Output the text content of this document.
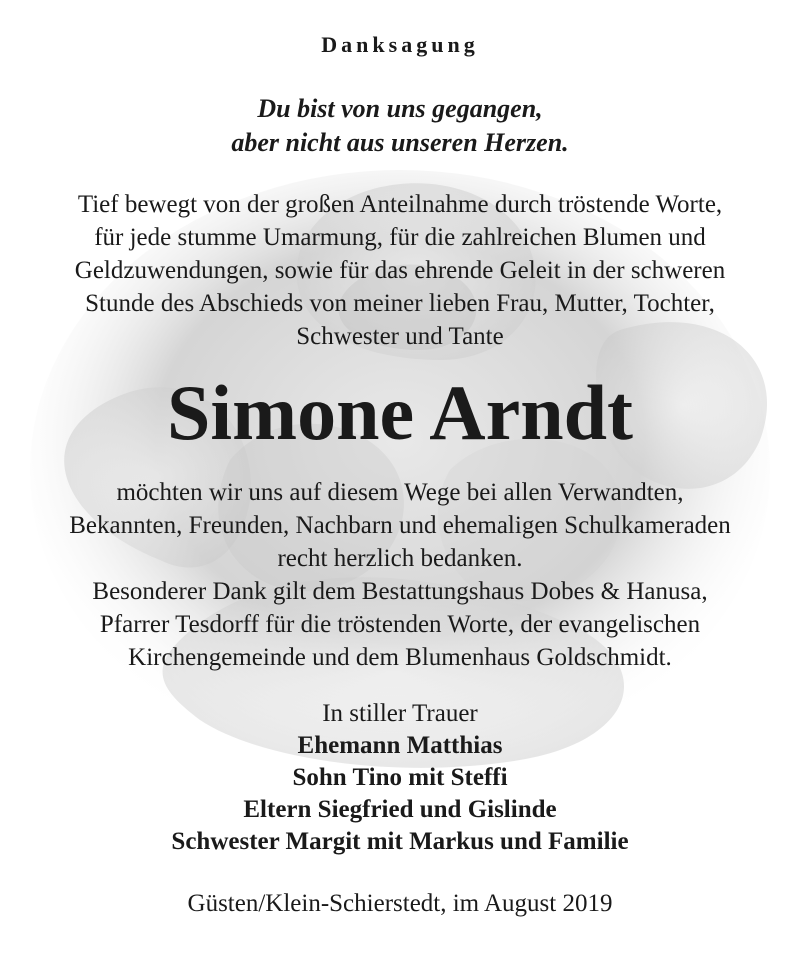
Danksagung
Du bist von uns gegangen,
aber nicht aus unseren Herzen.
Tief bewegt von der großen Anteilnahme durch tröstende Worte,
für jede stumme Umarmung, für die zahlreichen Blumen und
Geldzuwendungen, sowie für das ehrende Geleit in der schweren
Stunde des Abschieds von meiner lieben Frau, Mutter, Tochter,
Schwester und Tante
Simone Arndt
möchten wir uns auf diesem Wege bei allen Verwandten,
Bekannten, Freunden, Nachbarn und ehemaligen Schulkameraden
recht herzlich bedanken.
Besonderer Dank gilt dem Bestattungshaus Dobes & Hanusa,
Pfarrer Tesdorff für die tröstenden Worte, der evangelischen
Kirchengemeinde und dem Blumenhaus Goldschmidt.
In stiller Trauer
Ehemann Matthias
Sohn Tino mit Steffi
Eltern Siegfried und Gislinde
Schwester Margit mit Markus und Familie
Güsten/Klein-Schierstedt, im August 2019
